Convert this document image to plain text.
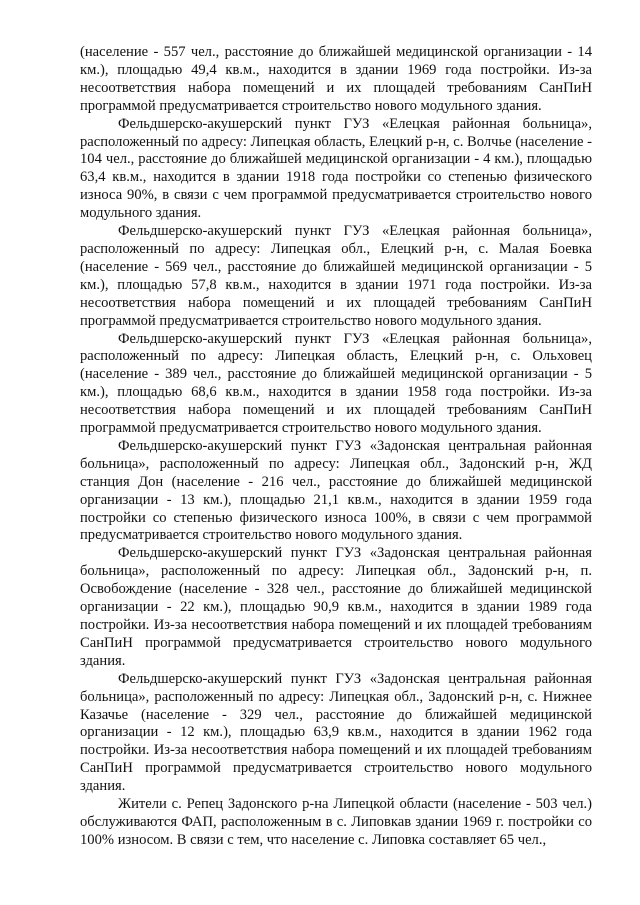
(население - 557 чел., расстояние до ближайшей медицинской организации - 14 км.), площадью 49,4 кв.м., находится в здании 1969 года постройки. Из-за несоответствия набора помещений и их площадей требованиям СанПиН программой предусматривается строительство нового модульного здания.

Фельдшерско-акушерский пункт ГУЗ «Елецкая районная больница», расположенный по адресу: Липецкая область, Елецкий р-н, с. Волчье (население - 104 чел., расстояние до ближайшей медицинской организации - 4 км.), площадью 63,4 кв.м., находится в здании 1918 года постройки со степенью физического износа 90%, в связи с чем программой предусматривается строительство нового модульного здания.

Фельдшерско-акушерский пункт ГУЗ «Елецкая районная больница», расположенный по адресу: Липецкая обл., Елецкий р-н, с. Малая Боевка (население - 569 чел., расстояние до ближайшей медицинской организации - 5 км.), площадью 57,8 кв.м., находится в здании 1971 года постройки. Из-за несоответствия набора помещений и их площадей требованиям СанПиН программой предусматривается строительство нового модульного здания.

Фельдшерско-акушерский пункт ГУЗ «Елецкая районная больница», расположенный по адресу: Липецкая область, Елецкий р-н, с. Ольховец (население - 389 чел., расстояние до ближайшей медицинской организации - 5 км.), площадью 68,6 кв.м., находится в здании 1958 года постройки. Из-за несоответствия набора помещений и их площадей требованиям СанПиН программой предусматривается строительство нового модульного здания.

Фельдшерско-акушерский пункт ГУЗ «Задонская центральная районная больница», расположенный по адресу: Липецкая обл., Задонский р-н, ЖД станция Дон (население - 216 чел., расстояние до ближайшей медицинской организации - 13 км.), площадью 21,1 кв.м., находится в здании 1959 года постройки со степенью физического износа 100%, в связи с чем программой предусматривается строительство нового модульного здания.

Фельдшерско-акушерский пункт ГУЗ «Задонская центральная районная больница», расположенный по адресу: Липецкая обл., Задонский р-н, п. Освобождение (население - 328 чел., расстояние до ближайшей медицинской организации - 22 км.), площадью 90,9 кв.м., находится в здании 1989 года постройки. Из-за несоответствия набора помещений и их площадей требованиям СанПиН программой предусматривается строительство нового модульного здания.

Фельдшерско-акушерский пункт ГУЗ «Задонская центральная районная больница», расположенный по адресу: Липецкая обл., Задонский р-н, с. Нижнее Казачье (население - 329 чел., расстояние до ближайшей медицинской организации - 12 км.), площадью 63,9 кв.м., находится в здании 1962 года постройки. Из-за несоответствия набора помещений и их площадей требованиям СанПиН программой предусматривается строительство нового модульного здания.

Жители с. Репец Задонского р-на Липецкой области (население - 503 чел.) обслуживаются ФАП, расположенным в с. Липовкав здании 1969 г. постройки со 100% износом. В связи с тем, что население с. Липовка составляет 65 чел.,
